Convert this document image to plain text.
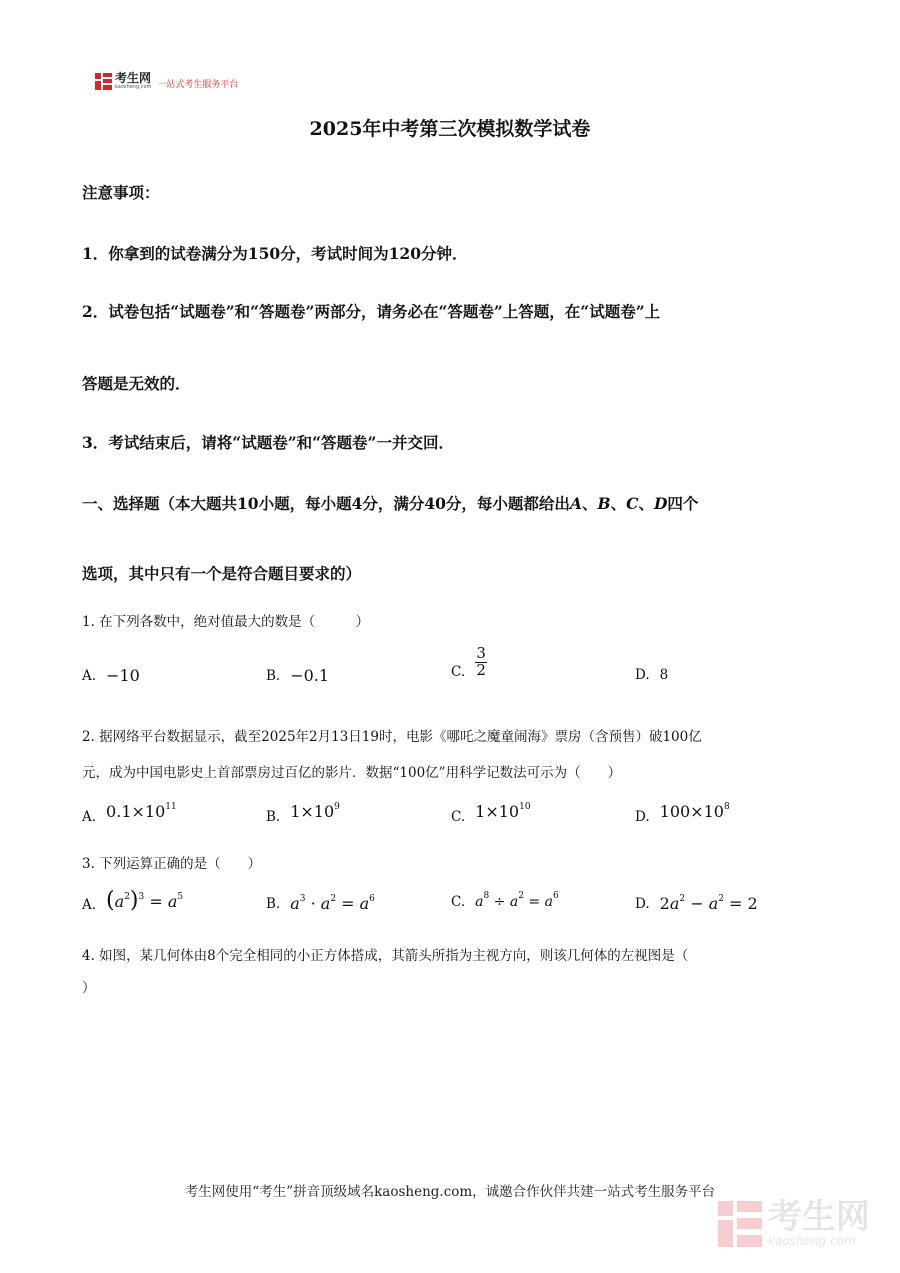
考生网
kaosheng.com 一站式考生服务平台
2025年中考第三次模拟数学试卷
注意事项：
1．你拿到的试卷满分为150分，考试时间为120分钟．
2．试卷包括“试题卷”和“答题卷”两部分，请务必在“答题卷”上答题，在“试题卷”上
答题是无效的．
3．考试结束后，请将“试题卷”和“答题卷”一并交回．
一、选择题（本大题共10小题，每小题4分，满分40分，每小题都给出A、B、C、D四个
选项，其中只有一个是符合题目要求的）
1. 在下列各数中，绝对值最大的数是（　　　）
A. −10	B. −0.1	C. $\frac{3}{2}$	D. 8
2. 据网络平台数据显示，截至2025年2月13日19时，电影《哪吒之魔童闹海》票房（含预售）破100亿
元，成为中国电影史上首部票房过百亿的影片．数据“100亿”用科学记数法可示为（　　）
A. $0.1\times 10^{11}$
B. $1\times 10^9$
C. $1\times 10^{10}$
D. $100\times 10^8$
3. 下列运算正确的是（　　）
A. $(a^2)^3 = a^5$	B. $a^3 \cdot a^2 = a^6$	C. $a^8 \div a^2 = a^6$	D. $2a^2 - a^2 = 2$
4. 如图，某几何体由8个完全相同的小正方体搭成，其箭头所指为主视方向，则该几何体的左视图是（
）
考生网使用“考生”拼音顶级域名kaosheng.com，诚邀合作伙伴共建一站式考生服务平台
考生网
kaosheng.com
